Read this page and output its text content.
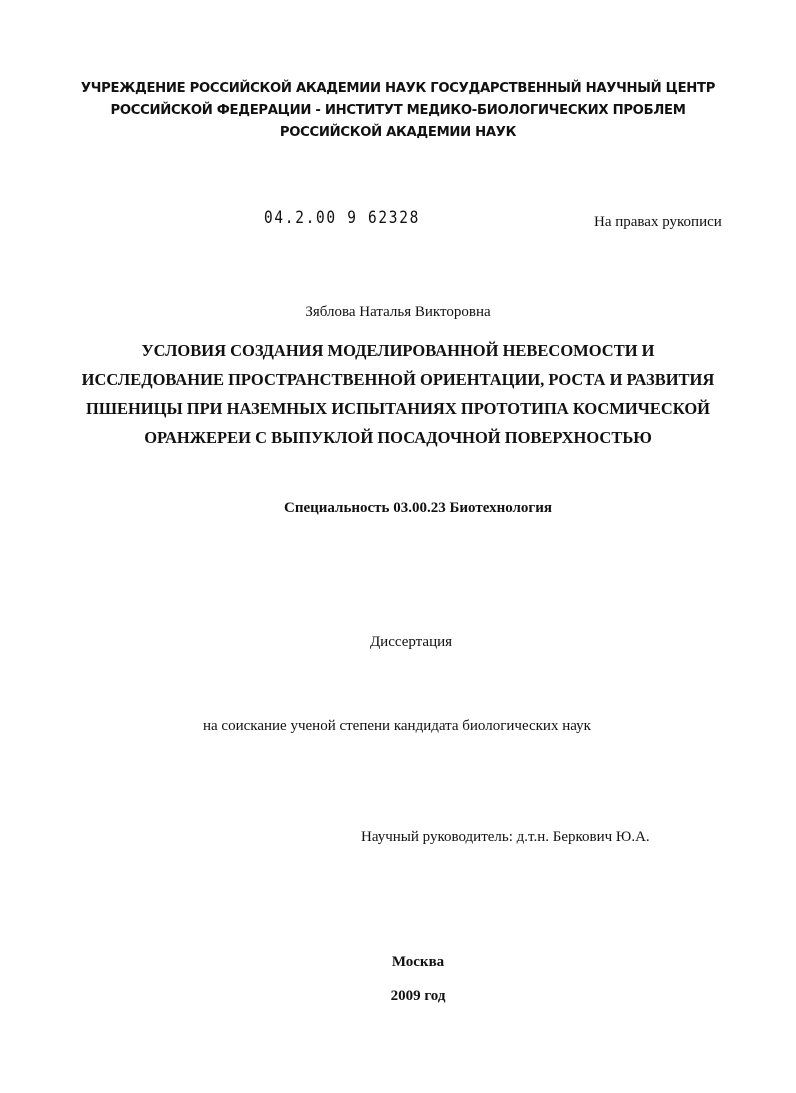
УЧРЕЖДЕНИЕ РОССИЙСКОЙ АКАДЕМИИ НАУК ГОСУДАРСТВЕННЫЙ НАУЧНЫЙ ЦЕНТР
РОССИЙСКОЙ ФЕДЕРАЦИИ - ИНСТИТУТ МЕДИКО-БИОЛОГИЧЕСКИХ ПРОБЛЕМ
РОССИЙСКОЙ АКАДЕМИИ НАУК
04.2.00 9 62328	На правах рукописи
Зяблова Наталья Викторовна
УСЛОВИЯ СОЗДАНИЯ МОДЕЛИРОВАННОЙ НЕВЕСОМОСТИ И
ИССЛЕДОВАНИЕ ПРОСТРАНСТВЕННОЙ ОРИЕНТАЦИИ, РОСТА И РАЗВИТИЯ
ПШЕНИЦЫ ПРИ НАЗЕМНЫХ ИСПЫТАНИЯХ ПРОТОТИПА КОСМИЧЕСКОЙ
ОРАНЖЕРЕИ С ВЫПУКЛОЙ ПОСАДОЧНОЙ ПОВЕРХНОСТЬЮ
Специальность 03.00.23 Биотехнология
Диссертация
на соискание ученой степени кандидата биологических наук
Научный руководитель: д.т.н. Беркович Ю.А.
Москва
2009 год
